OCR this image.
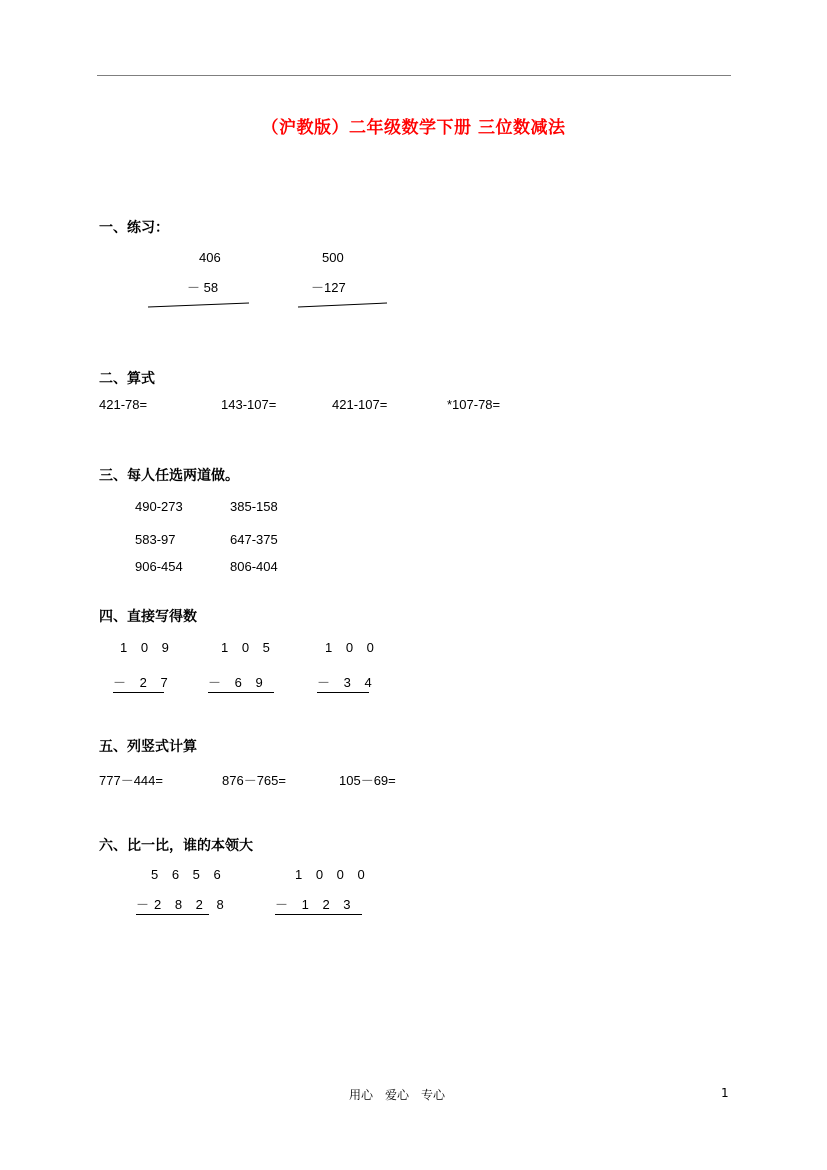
（沪教版）二年级数学下册 三位数减法
一、练习：
406
－ 58
500
－127
二、算式
421-78=	143-107=	421-107=	*107-78=
三、每人任选两道做。
490-273	385-158
583-97	647-375
906-454	806-404
四、直接写得数
1 0 9
－ 2 7
1 0 5
－ 6 9
1 0 0
－ 3 4
五、列竖式计算
777－444=	876－765=	105－69=
六、比一比，谁的本领大
5 6 5 6
－2 8 2 8
1 0 0 0
－ 1 2 3
用心　爱心　专心	1
